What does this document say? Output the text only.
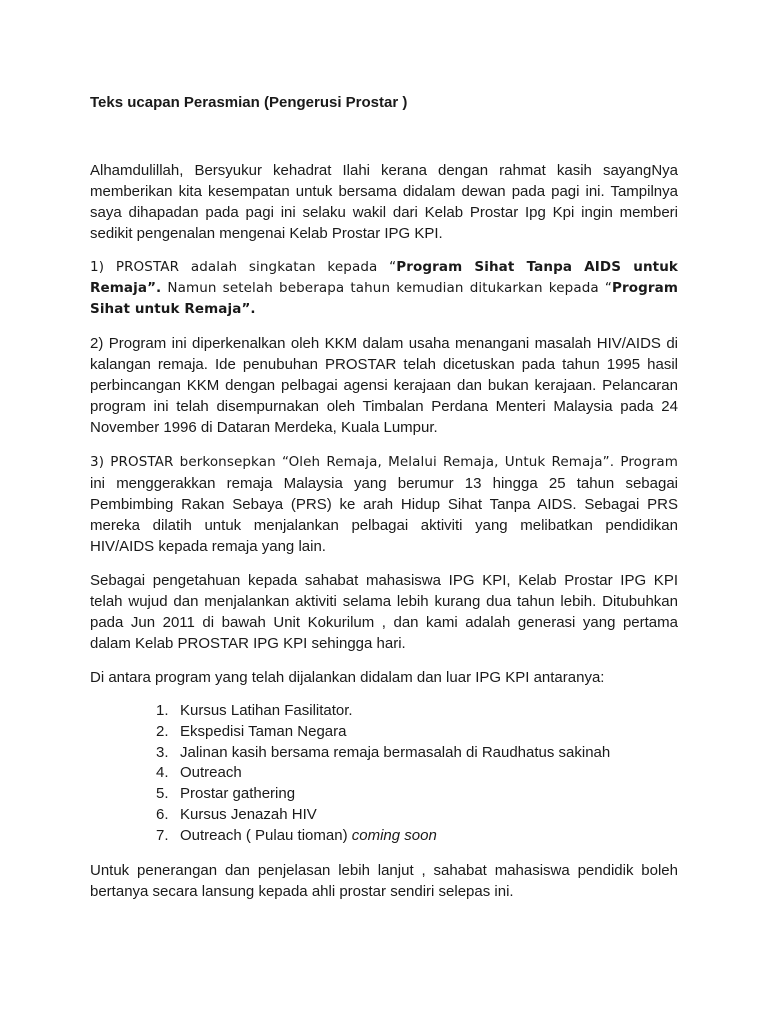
Teks ucapan Perasmian (Pengerusi Prostar )

Alhamdulillah, Bersyukur kehadrat Ilahi kerana dengan rahmat kasih sayangNya memberikan kita kesempatan untuk bersama didalam dewan pada pagi ini. Tampilnya saya dihapadan pada pagi ini selaku wakil dari Kelab Prostar Ipg Kpi ingin memberi sedikit pengenalan mengenai Kelab Prostar IPG KPI.

1) PROSTAR adalah singkatan kepada “Program Sihat Tanpa AIDS untuk Remaja”. Namun setelah beberapa tahun kemudian ditukarkan kepada “Program Sihat untuk Remaja”.

2) Program ini diperkenalkan oleh KKM dalam usaha menangani masalah HIV/AIDS di kalangan remaja. Ide penubuhan PROSTAR telah dicetuskan pada tahun 1995 hasil perbincangan KKM dengan pelbagai agensi kerajaan dan bukan kerajaan. Pelancaran program ini telah disempurnakan oleh Timbalan Perdana Menteri Malaysia pada 24 November 1996 di Dataran Merdeka, Kuala Lumpur.

3) PROSTAR berkonsepkan “Oleh Remaja, Melalui Remaja, Untuk Remaja”. Program ini menggerakkan remaja Malaysia yang berumur 13 hingga 25 tahun sebagai Pembimbing Rakan Sebaya (PRS) ke arah Hidup Sihat Tanpa AIDS. Sebagai PRS mereka dilatih untuk menjalankan pelbagai aktiviti yang melibatkan pendidikan HIV/AIDS kepada remaja yang lain.

Sebagai pengetahuan kepada sahabat mahasiswa IPG KPI, Kelab Prostar IPG KPI telah wujud dan menjalankan aktiviti selama lebih kurang dua tahun lebih. Ditubuhkan pada Jun 2011 di bawah Unit Kokurilum , dan kami adalah generasi yang pertama dalam Kelab PROSTAR IPG KPI sehingga hari.

Di antara program yang telah dijalankan didalam dan luar IPG KPI antaranya:

1. Kursus Latihan Fasilitator.
2. Ekspedisi Taman Negara
3. Jalinan kasih bersama remaja bermasalah di Raudhatus sakinah
4. Outreach
5. Prostar gathering
6. Kursus Jenazah HIV
7. Outreach ( Pulau tioman) coming soon

Untuk penerangan dan penjelasan lebih lanjut , sahabat mahasiswa pendidik boleh bertanya secara lansung kepada ahli prostar sendiri selepas ini.
